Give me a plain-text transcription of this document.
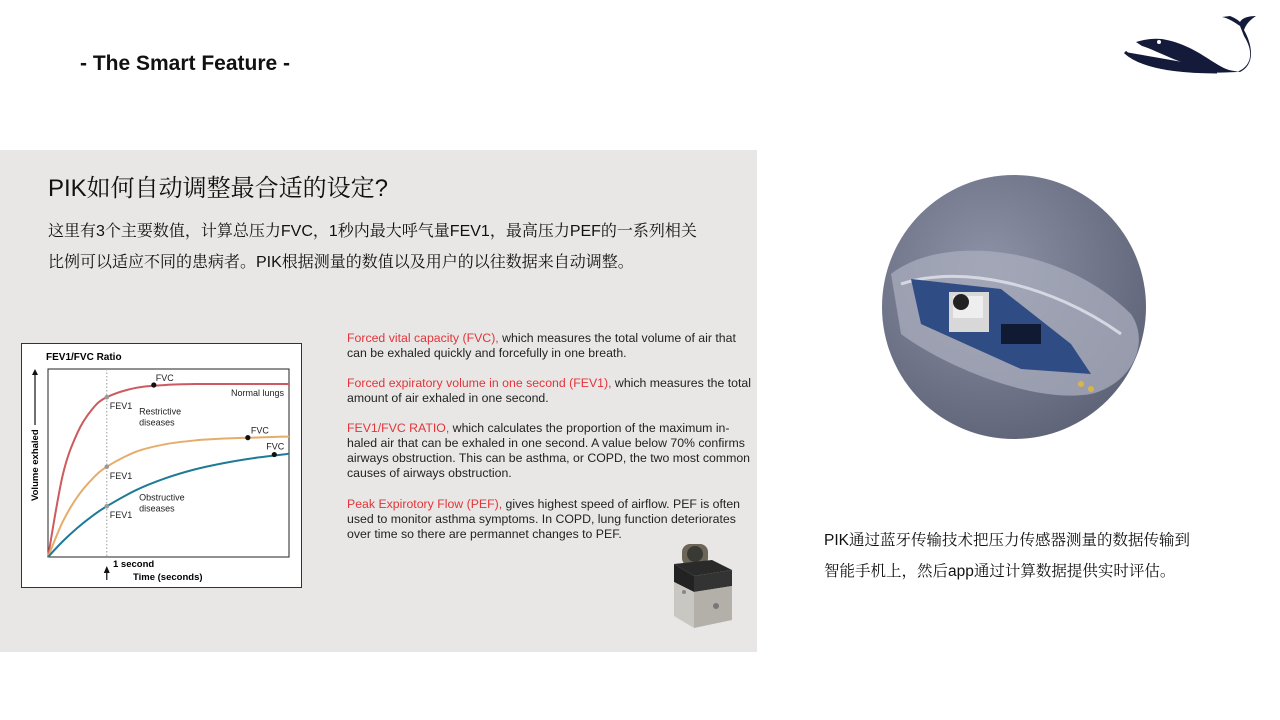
- The Smart Feature -
PIK如何自动调整最合适的设定?
这里有3个主要数值，计算总压力FVC，1秒内最大呼气量FEV1，最高压力PEF的一系列相关
比例可以适应不同的患病者。PIK根据测量的数值以及用户的以往数据来自动调整。
FEV1/FVC Ratio
Volume exhaled
Time (seconds)
1 second
FEV1
FVC
Normal lungs
FEV1
FVC
Restrictive
diseases
FEV1
FVC
Obstructive
diseases
Forced vital capacity (FVC), which measures the total volume of air that can be exhaled quickly and forcefully in one breath.
Forced expiratory volume in one second (FEV1), which measures the total amount of air exhaled in one second.
FEV1/FVC RATIO, which calculates the proportion of the maximum in-haled air that can be exhaled in one second. A value below 70% confirms airways obstruction. This can be asthma, or COPD, the two most common causes of airways obstruction.
Peak Expirotory Flow (PEF), gives highest speed of airflow. PEF is often used to monitor asthma symptoms. In COPD, lung function deteriorates over time so there are permannet changes to PEF.	PIK通过蓝牙传输技术把压力传感器测量的数据传输到
智能手机上，然后app通过计算数据提供实时评估。
